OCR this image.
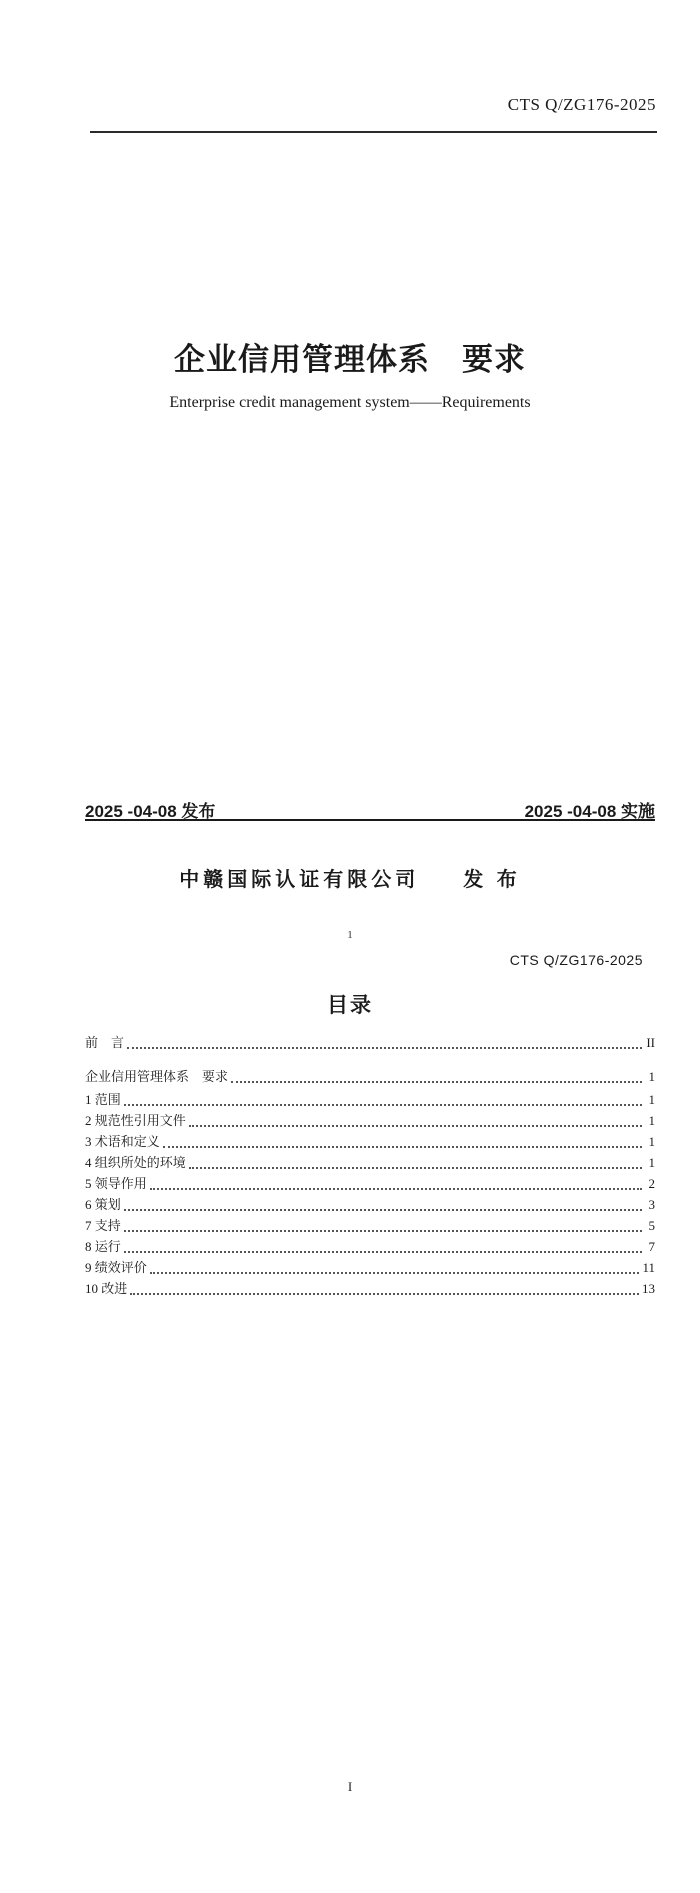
CTS Q/ZG176-2025
企业信用管理体系　要求
Enterprise credit management system——Requirements
2025 -04-08 发布	2025 -04-08 实施
中赣国际认证有限公司 发 布
1
CTS Q/ZG176-2025
目录
前　言	II
企业信用管理体系　要求	1
1 范围	1
2 规范性引用文件	1
3 术语和定义	1
4 组织所处的环境	1
5 领导作用	2
6 策划	3
7 支持	5
8 运行	7
9 绩效评价	11
10 改进	13
I
